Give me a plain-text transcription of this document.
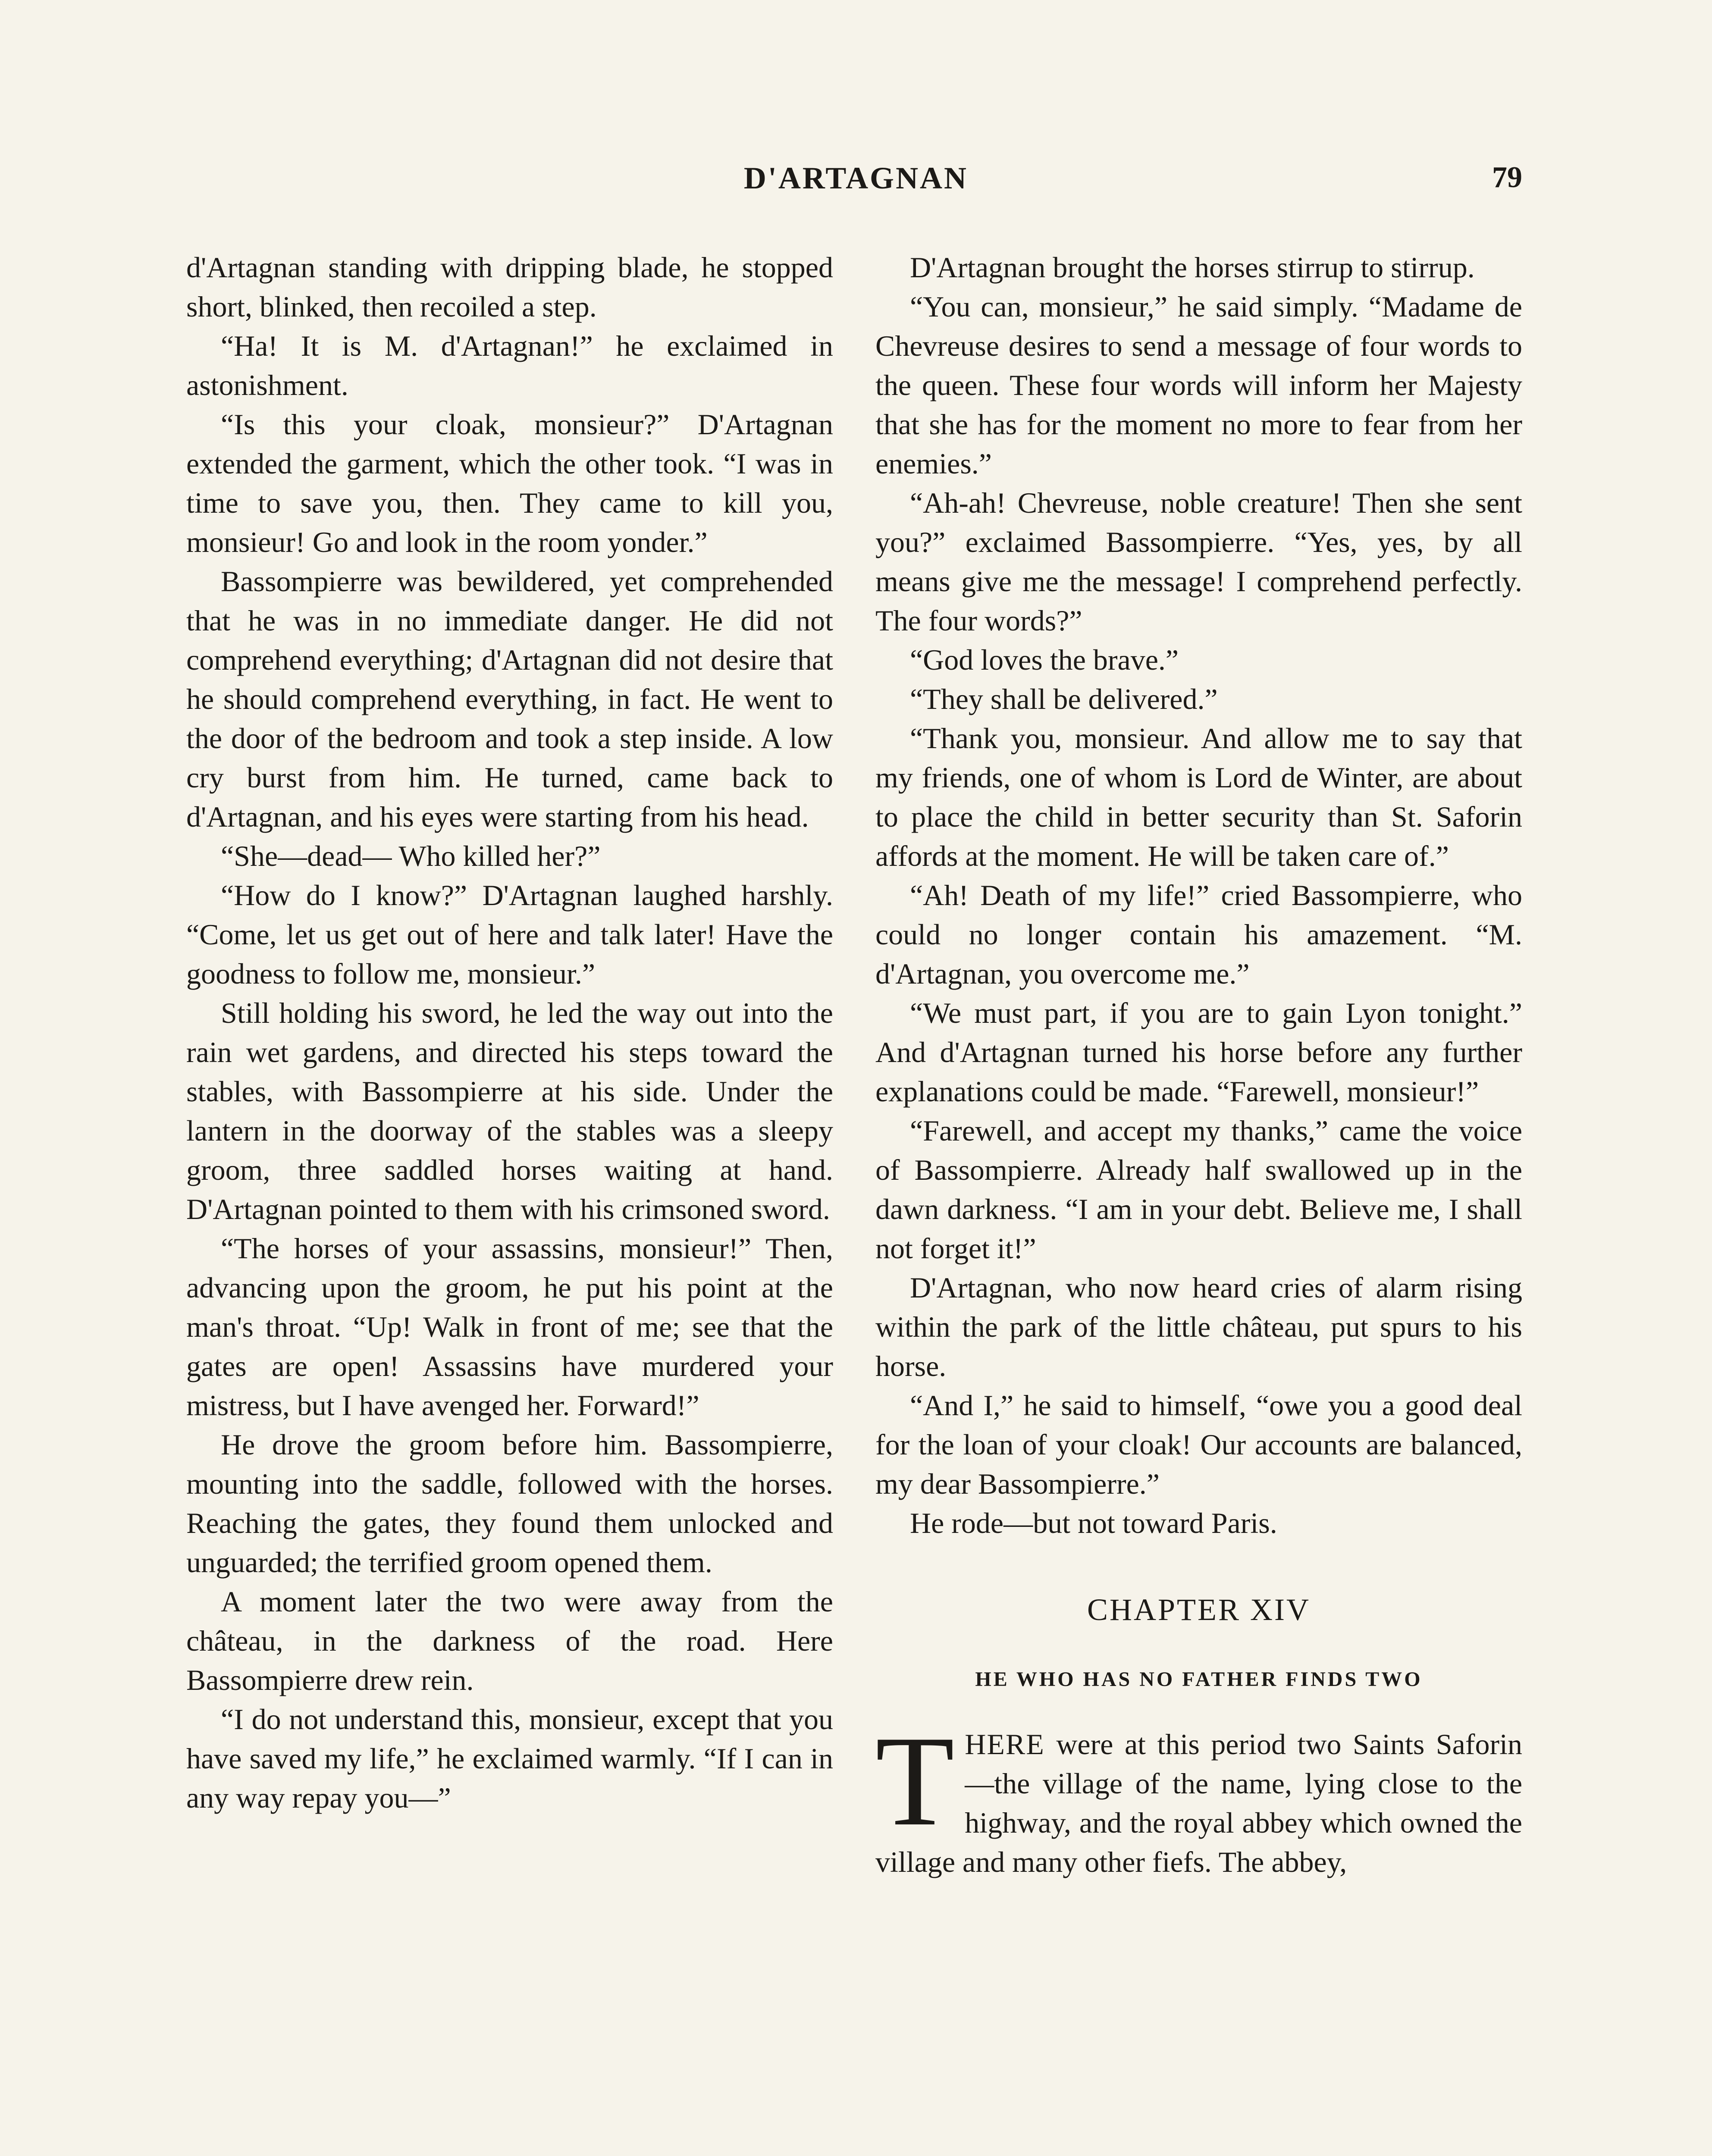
D'ARTAGNAN	79

d'Artagnan standing with dripping blade, he stopped short, blinked, then recoiled a step.

“Ha! It is M. d'Artagnan!” he exclaimed in astonishment.

“Is this your cloak, monsieur?” D'Artagnan extended the garment, which the other took. “I was in time to save you, then. They came to kill you, monsieur! Go and look in the room yonder.”

Bassompierre was bewildered, yet comprehended that he was in no immediate danger. He did not comprehend everything; d'Artagnan did not desire that he should comprehend everything, in fact. He went to the door of the bedroom and took a step inside. A low cry burst from him. He turned, came back to d'Artagnan, and his eyes were starting from his head.

“She—dead— Who killed her?”

“How do I know?” D'Artagnan laughed harshly. “Come, let us get out of here and talk later! Have the goodness to follow me, monsieur.”

Still holding his sword, he led the way out into the rain wet gardens, and directed his steps toward the stables, with Bassompierre at his side. Under the lantern in the doorway of the stables was a sleepy groom, three saddled horses waiting at hand. D'Artagnan pointed to them with his crimsoned sword.

“The horses of your assassins, monsieur!” Then, advancing upon the groom, he put his point at the man's throat. “Up! Walk in front of me; see that the gates are open! Assassins have murdered your mistress, but I have avenged her. Forward!”

He drove the groom before him. Bassompierre, mounting into the saddle, followed with the horses. Reaching the gates, they found them unlocked and unguarded; the terrified groom opened them.

A moment later the two were away from the château, in the darkness of the road. Here Bassompierre drew rein.

“I do not understand this, monsieur, except that you have saved my life,” he exclaimed warmly. “If I can in any way repay you—”

D'Artagnan brought the horses stirrup to stirrup.

“You can, monsieur,” he said simply. “Madame de Chevreuse desires to send a message of four words to the queen. These four words will inform her Majesty that she has for the moment no more to fear from her enemies.”

“Ah-ah! Chevreuse, noble creature! Then she sent you?” exclaimed Bassompierre. “Yes, yes, by all means give me the message! I comprehend perfectly. The four words?”

“God loves the brave.”

“They shall be delivered.”

“Thank you, monsieur. And allow me to say that my friends, one of whom is Lord de Winter, are about to place the child in better security than St. Saforin affords at the moment. He will be taken care of.”

“Ah! Death of my life!” cried Bassompierre, who could no longer contain his amazement. “M. d'Artagnan, you overcome me.”

“We must part, if you are to gain Lyon tonight.” And d'Artagnan turned his horse before any further explanations could be made. “Farewell, monsieur!”

“Farewell, and accept my thanks,” came the voice of Bassompierre. Already half swallowed up in the dawn darkness. “I am in your debt. Believe me, I shall not forget it!”

D'Artagnan, who now heard cries of alarm rising within the park of the little château, put spurs to his horse.

“And I,” he said to himself, “owe you a good deal for the loan of your cloak! Our accounts are balanced, my dear Bassompierre.”

He rode—but not toward Paris.

CHAPTER XIV
HE WHO HAS NO FATHER FINDS TWO

THERE were at this period two Saints Saforin—the village of the name, lying close to the highway, and the royal abbey which owned the village and many other fiefs. The abbey,
